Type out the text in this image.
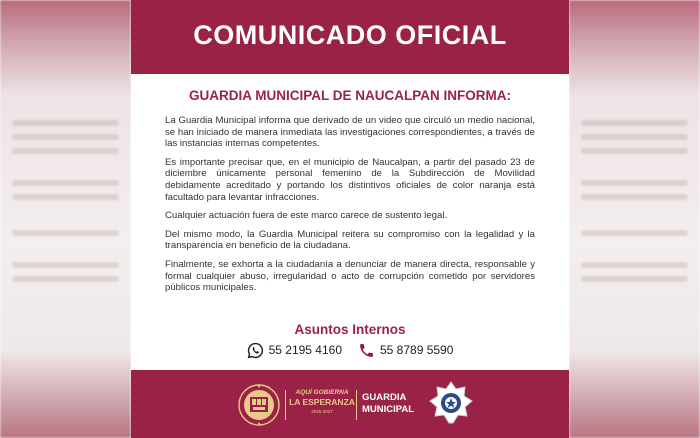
COMUNICADO OFICIAL
GUARDIA MUNICIPAL DE NAUCALPAN INFORMA:

La Guardia Municipal informa que derivado de un video que circuló un medio nacional, se han iniciado de manera inmediata las investigaciones correspondientes, a través de las instancias internas competentes.

Es importante precisar que, en el municipio de Naucalpan, a partir del pasado 23 de diciembre únicamente personal femenino de la Subdirección de Movilidad debidamente acreditado y portando los distintivos oficiales de color naranja está facultado para levantar infracciones.

Cualquier actuación fuera de este marco carece de sustento legal.

Del mismo modo, la Guardia Municipal reitera su compromiso con la legalidad y la transparencia en beneficio de la ciudadana.

Finalmente, se exhorta a la ciudadanía a denunciar de manera directa, responsable y formal cualquier abuso, irregularidad o acto de corrupción cometido por servidores públicos municipales.

Asuntos Internos
55 2195 4160	55 8789 5590
AQUÍ GOBIERNA
LA ESPERANZA
2025-2027
GUARDIA
MUNICIPAL
